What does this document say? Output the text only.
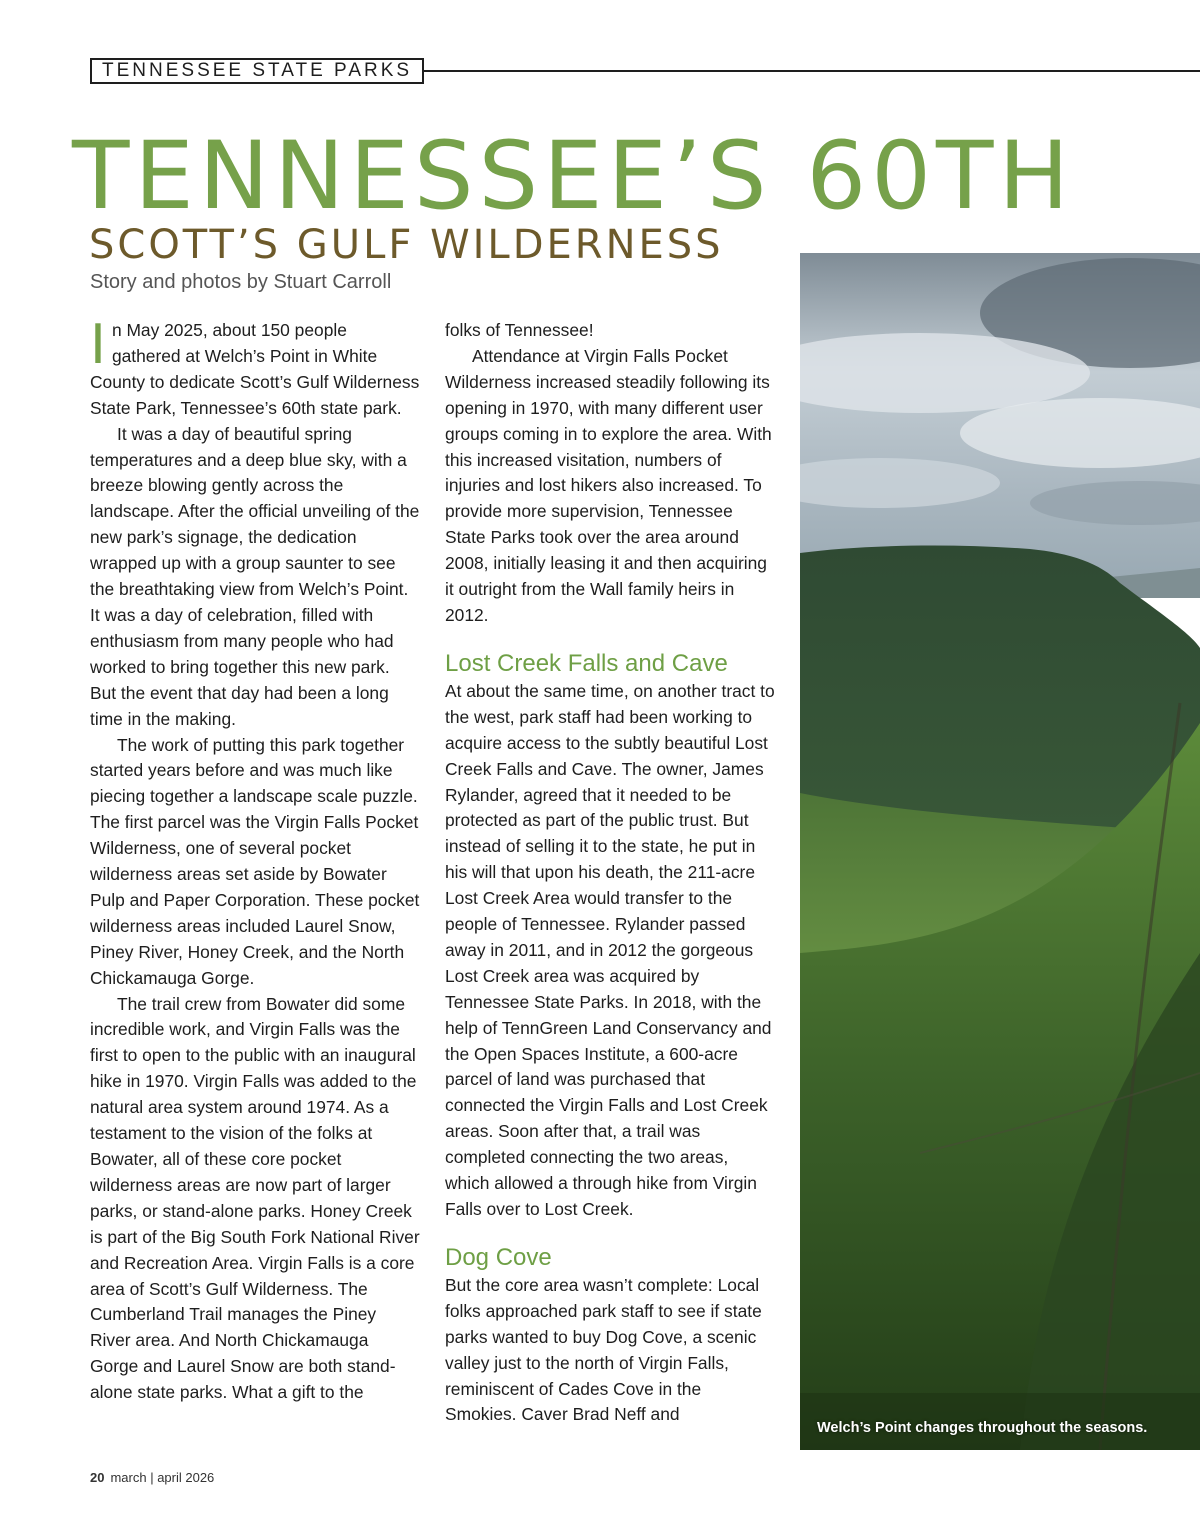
TENNESSEE STATE PARKS
TENNESSEE’S 60TH
SCOTT’S GULF WILDERNESS
Story and photos by Stuart Carroll

In May 2025, about 150 people gathered at Welch’s Point in White County to dedicate Scott’s Gulf Wilderness State Park, Tennessee’s 60th state park.

It was a day of beautiful spring temperatures and a deep blue sky, with a breeze blowing gently across the landscape. After the official unveiling of the new park’s signage, the dedication wrapped up with a group saunter to see the breathtaking view from Welch’s Point. It was a day of celebration, filled with enthusiasm from many people who had worked to bring together this new park. But the event that day had been a long time in the making.

The work of putting this park together started years before and was much like piecing together a landscape scale puzzle. The first parcel was the Virgin Falls Pocket Wilderness, one of several pocket wilderness areas set aside by Bowater Pulp and Paper Corporation. These pocket wilderness areas included Laurel Snow, Piney River, Honey Creek, and the North Chickamauga Gorge.

The trail crew from Bowater did some incredible work, and Virgin Falls was the first to open to the public with an inaugural hike in 1970. Virgin Falls was added to the natural area system around 1974. As a testament to the vision of the folks at Bowater, all of these core pocket wilderness areas are now part of larger parks, or stand-alone parks. Honey Creek is part of the Big South Fork National River and Recreation Area. Virgin Falls is a core area of Scott’s Gulf Wilderness. The Cumberland Trail manages the Piney River area. And North Chickamauga Gorge and Laurel Snow are both stand-alone state parks. What a gift to the

folks of Tennessee!

Attendance at Virgin Falls Pocket Wilderness increased steadily following its opening in 1970, with many different user groups coming in to explore the area. With this increased visitation, numbers of injuries and lost hikers also increased. To provide more supervision, Tennessee State Parks took over the area around 2008, initially leasing it and then acquiring it outright from the Wall family heirs in 2012.

Lost Creek Falls and Cave

At about the same time, on another tract to the west, park staff had been working to acquire access to the subtly beautiful Lost Creek Falls and Cave. The owner, James Rylander, agreed that it needed to be protected as part of the public trust. But instead of selling it to the state, he put in his will that upon his death, the 211-acre Lost Creek Area would transfer to the people of Tennessee. Rylander passed away in 2011, and in 2012 the gorgeous Lost Creek area was acquired by Tennessee State Parks. In 2018, with the help of TennGreen Land Conservancy and the Open Spaces Institute, a 600-acre parcel of land was purchased that connected the Virgin Falls and Lost Creek areas. Soon after that, a trail was completed connecting the two areas, which allowed a through hike from Virgin Falls over to Lost Creek.

Dog Cove

But the core area wasn’t complete: Local folks approached park staff to see if state parks wanted to buy Dog Cove, a scenic valley just to the north of Virgin Falls, reminiscent of Cades Cove in the Smokies. Caver Brad Neff and

Welch’s Point changes throughout the seasons.
20 march | april 2026
